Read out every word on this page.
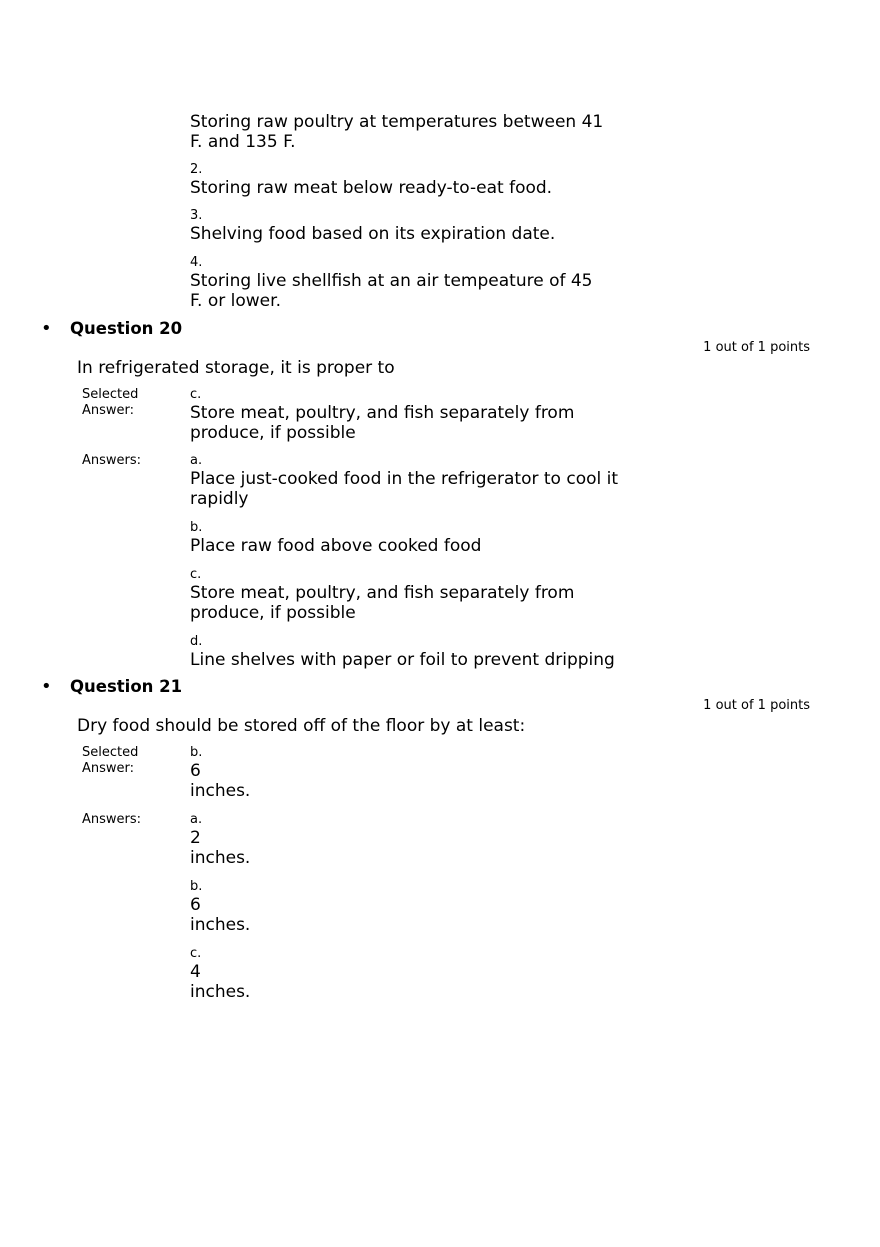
Storing raw poultry at temperatures between 41
F. and 135 F.
2.
Storing raw meat below ready-to-eat food.
3.
Shelving food based on its expiration date.
4.
Storing live shellfish at an air tempeature of 45
F. or lower.
• Question 20
1 out of 1 points
In refrigerated storage, it is proper to
Selected
Answer:
c.
Store meat, poultry, and fish separately from
produce, if possible
Answers:	a.
Place just-cooked food in the refrigerator to cool it
rapidly
b.
Place raw food above cooked food
c.
Store meat, poultry, and fish separately from
produce, if possible
d.
Line shelves with paper or foil to prevent dripping
• Question 21
1 out of 1 points
Dry food should be stored off of the floor by at least:
Selected
Answer:
b.
6
inches.
Answers:	a.
2
inches.
b.
6
inches.
c.
4
inches.
